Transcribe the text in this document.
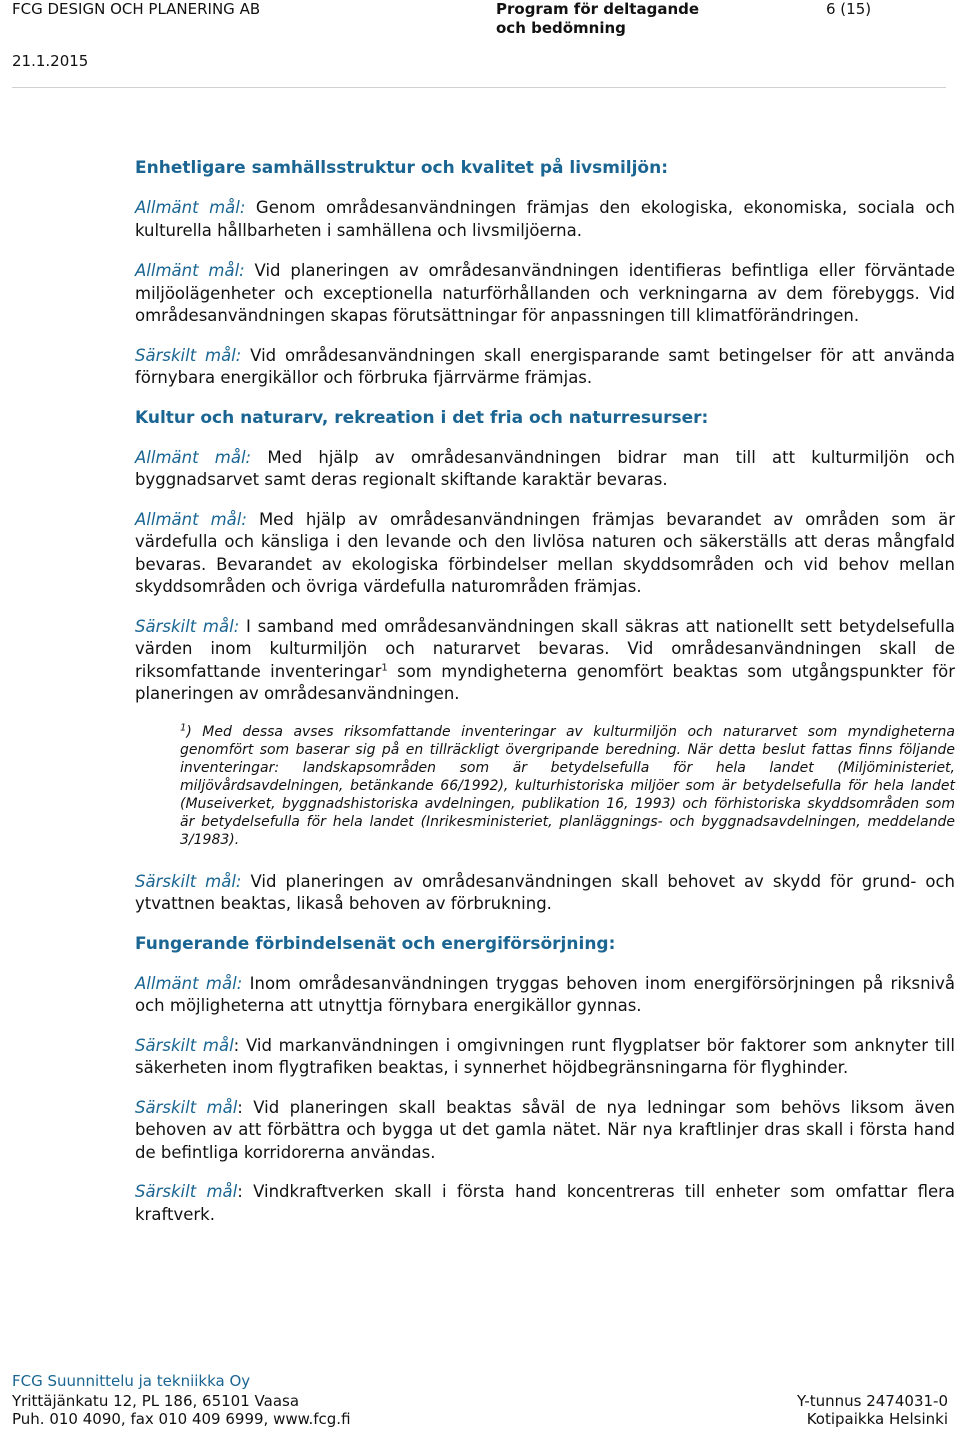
FCG DESIGN OCH PLANERING AB
21.1.2015
Program för deltagande
och bedömning
6 (15)
Enhetligare samhällsstruktur och kvalitet på livsmiljön:

Allmänt mål: Genom områdesanvändningen främjas den ekologiska, ekonomiska, sociala och kulturella hållbarheten i samhällena och livsmiljöerna.

Allmänt mål: Vid planeringen av områdesanvändningen identifieras befintliga eller förväntade miljöolägenheter och exceptionella naturförhållanden och verkningarna av dem förebyggs. Vid områdesanvändningen skapas förutsättningar för anpassningen till klimatförändringen.

Särskilt mål: Vid områdesanvändningen skall energisparande samt betingelser för att använda förnybara energikällor och förbruka fjärrvärme främjas.

Kultur och naturarv, rekreation i det fria och naturresurser:

Allmänt mål: Med hjälp av områdesanvändningen bidrar man till att kulturmiljön och byggnadsarvet samt deras regionalt skiftande karaktär bevaras.

Allmänt mål: Med hjälp av områdesanvändningen främjas bevarandet av områden som är värdefulla och känsliga i den levande och den livlösa naturen och säkerställs att deras mångfald bevaras. Bevarandet av ekologiska förbindelser mellan skyddsområden och vid behov mellan skyddsområden och övriga värdefulla naturområden främjas.

Särskilt mål: I samband med områdesanvändningen skall säkras att nationellt sett betydelsefulla värden inom kulturmiljön och naturarvet bevaras. Vid områdesanvändningen skall de riksomfattande inventeringar$^1$ som myndigheterna genomfört beaktas som utgångspunkter för planeringen av områdesanvändningen.

$^1$) Med dessa avses riksomfattande inventeringar av kulturmiljön och naturarvet som myndigheterna genomfört som baserar sig på en tillräckligt övergripande beredning. När detta beslut fattas finns följande inventeringar: landskapsområden som är betydelsefulla för hela landet (Miljöministeriet, miljövårdsavdelningen, betänkande 66/1992), kulturhistoriska miljöer som är betydelsefulla för hela landet (Museiverket, byggnadshistoriska avdelningen, publikation 16, 1993) och förhistoriska skyddsområden som är betydelsefulla för hela landet (Inrikesministeriet, planläggnings- och byggnadsavdelningen, meddelande 3/1983).

Särskilt mål: Vid planeringen av områdesanvändningen skall behovet av skydd för grund- och ytvattnen beaktas, likaså behoven av förbrukning.

Fungerande förbindelsenät och energiförsörjning:

Allmänt mål: Inom områdesanvändningen tryggas behoven inom energiförsörjningen på riksnivå och möjligheterna att utnyttja förnybara energikällor gynnas.

Särskilt mål: Vid markanvändningen i omgivningen runt flygplatser bör faktorer som anknyter till säkerheten inom flygtrafiken beaktas, i synnerhet höjdbegränsningarna för flyghinder.

Särskilt mål: Vid planeringen skall beaktas såväl de nya ledningar som behövs liksom även behoven av att förbättra och bygga ut det gamla nätet. När nya kraftlinjer dras skall i första hand de befintliga korridorerna användas.

Särskilt mål: Vindkraftverken skall i första hand koncentreras till enheter som omfattar flera kraftverk.

FCG Suunnittelu ja tekniikka Oy
Yrittäjänkatu 12, PL 186, 65101 Vaasa
Puh. 010 4090, fax 010 409 6999, www.fcg.fi
Y-tunnus 2474031-0
Kotipaikka Helsinki
